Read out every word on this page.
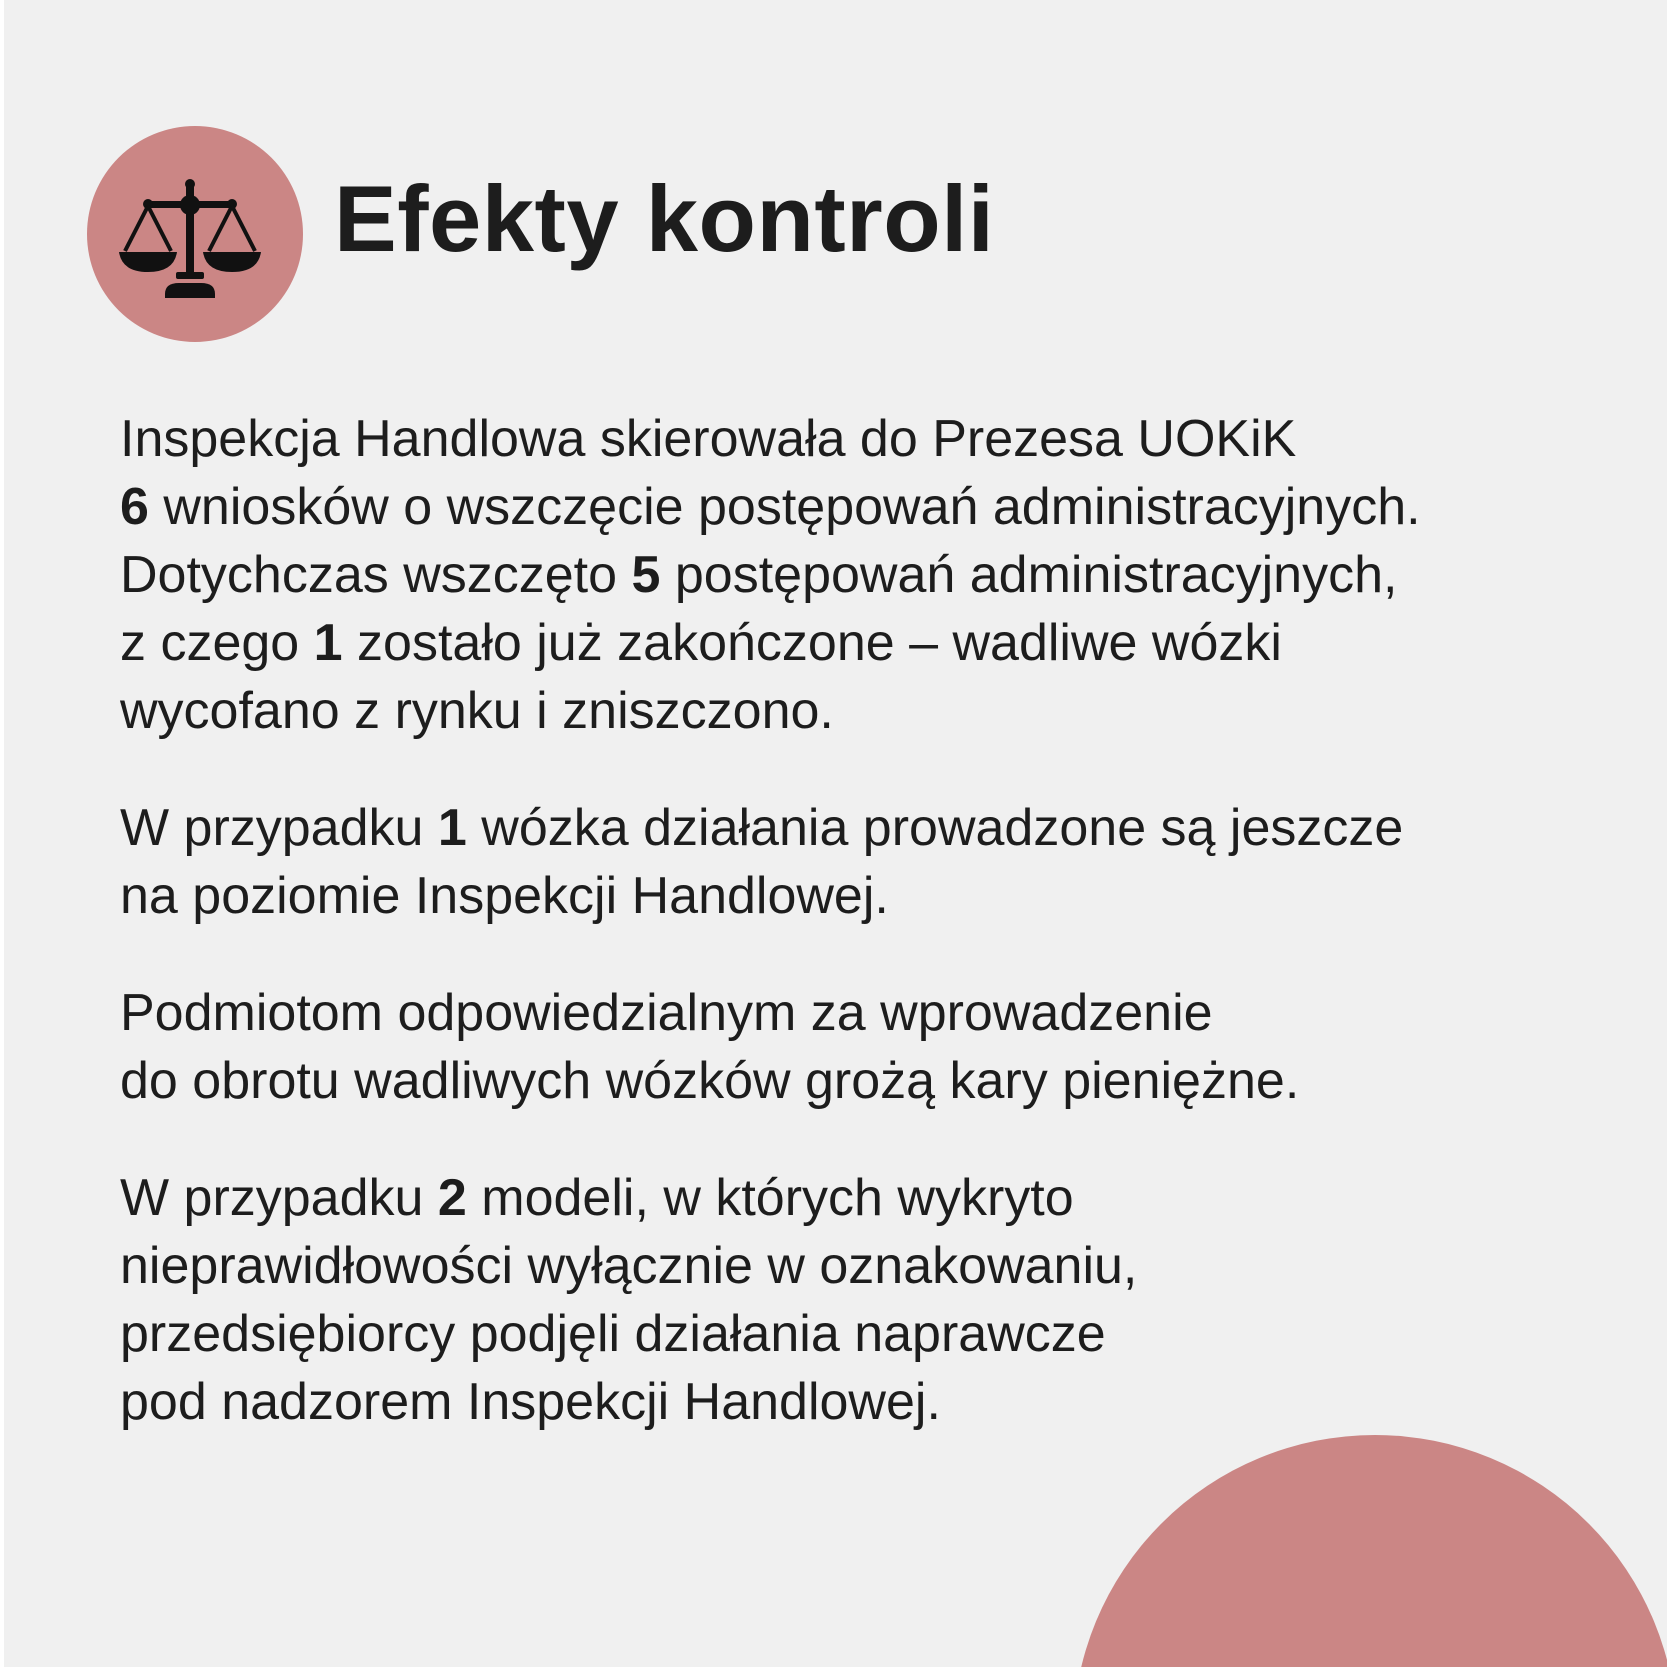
Efekty kontroli
Inspekcja Handlowa skierowała do Prezesa UOKiK
6 wniosków o wszczęcie postępowań administracyjnych.
Dotychczas wszczęto 5 postępowań administracyjnych,
z czego 1 zostało już zakończone – wadliwe wózki
wycofano z rynku i zniszczono.
W przypadku 1 wózka działania prowadzone są jeszcze
na poziomie Inspekcji Handlowej.
Podmiotom odpowiedzialnym za wprowadzenie
do obrotu wadliwych wózków grożą kary pieniężne.
W przypadku 2 modeli, w których wykryto
nieprawidłowości wyłącznie w oznakowaniu,
przedsiębiorcy podjęli działania naprawcze
pod nadzorem Inspekcji Handlowej.
